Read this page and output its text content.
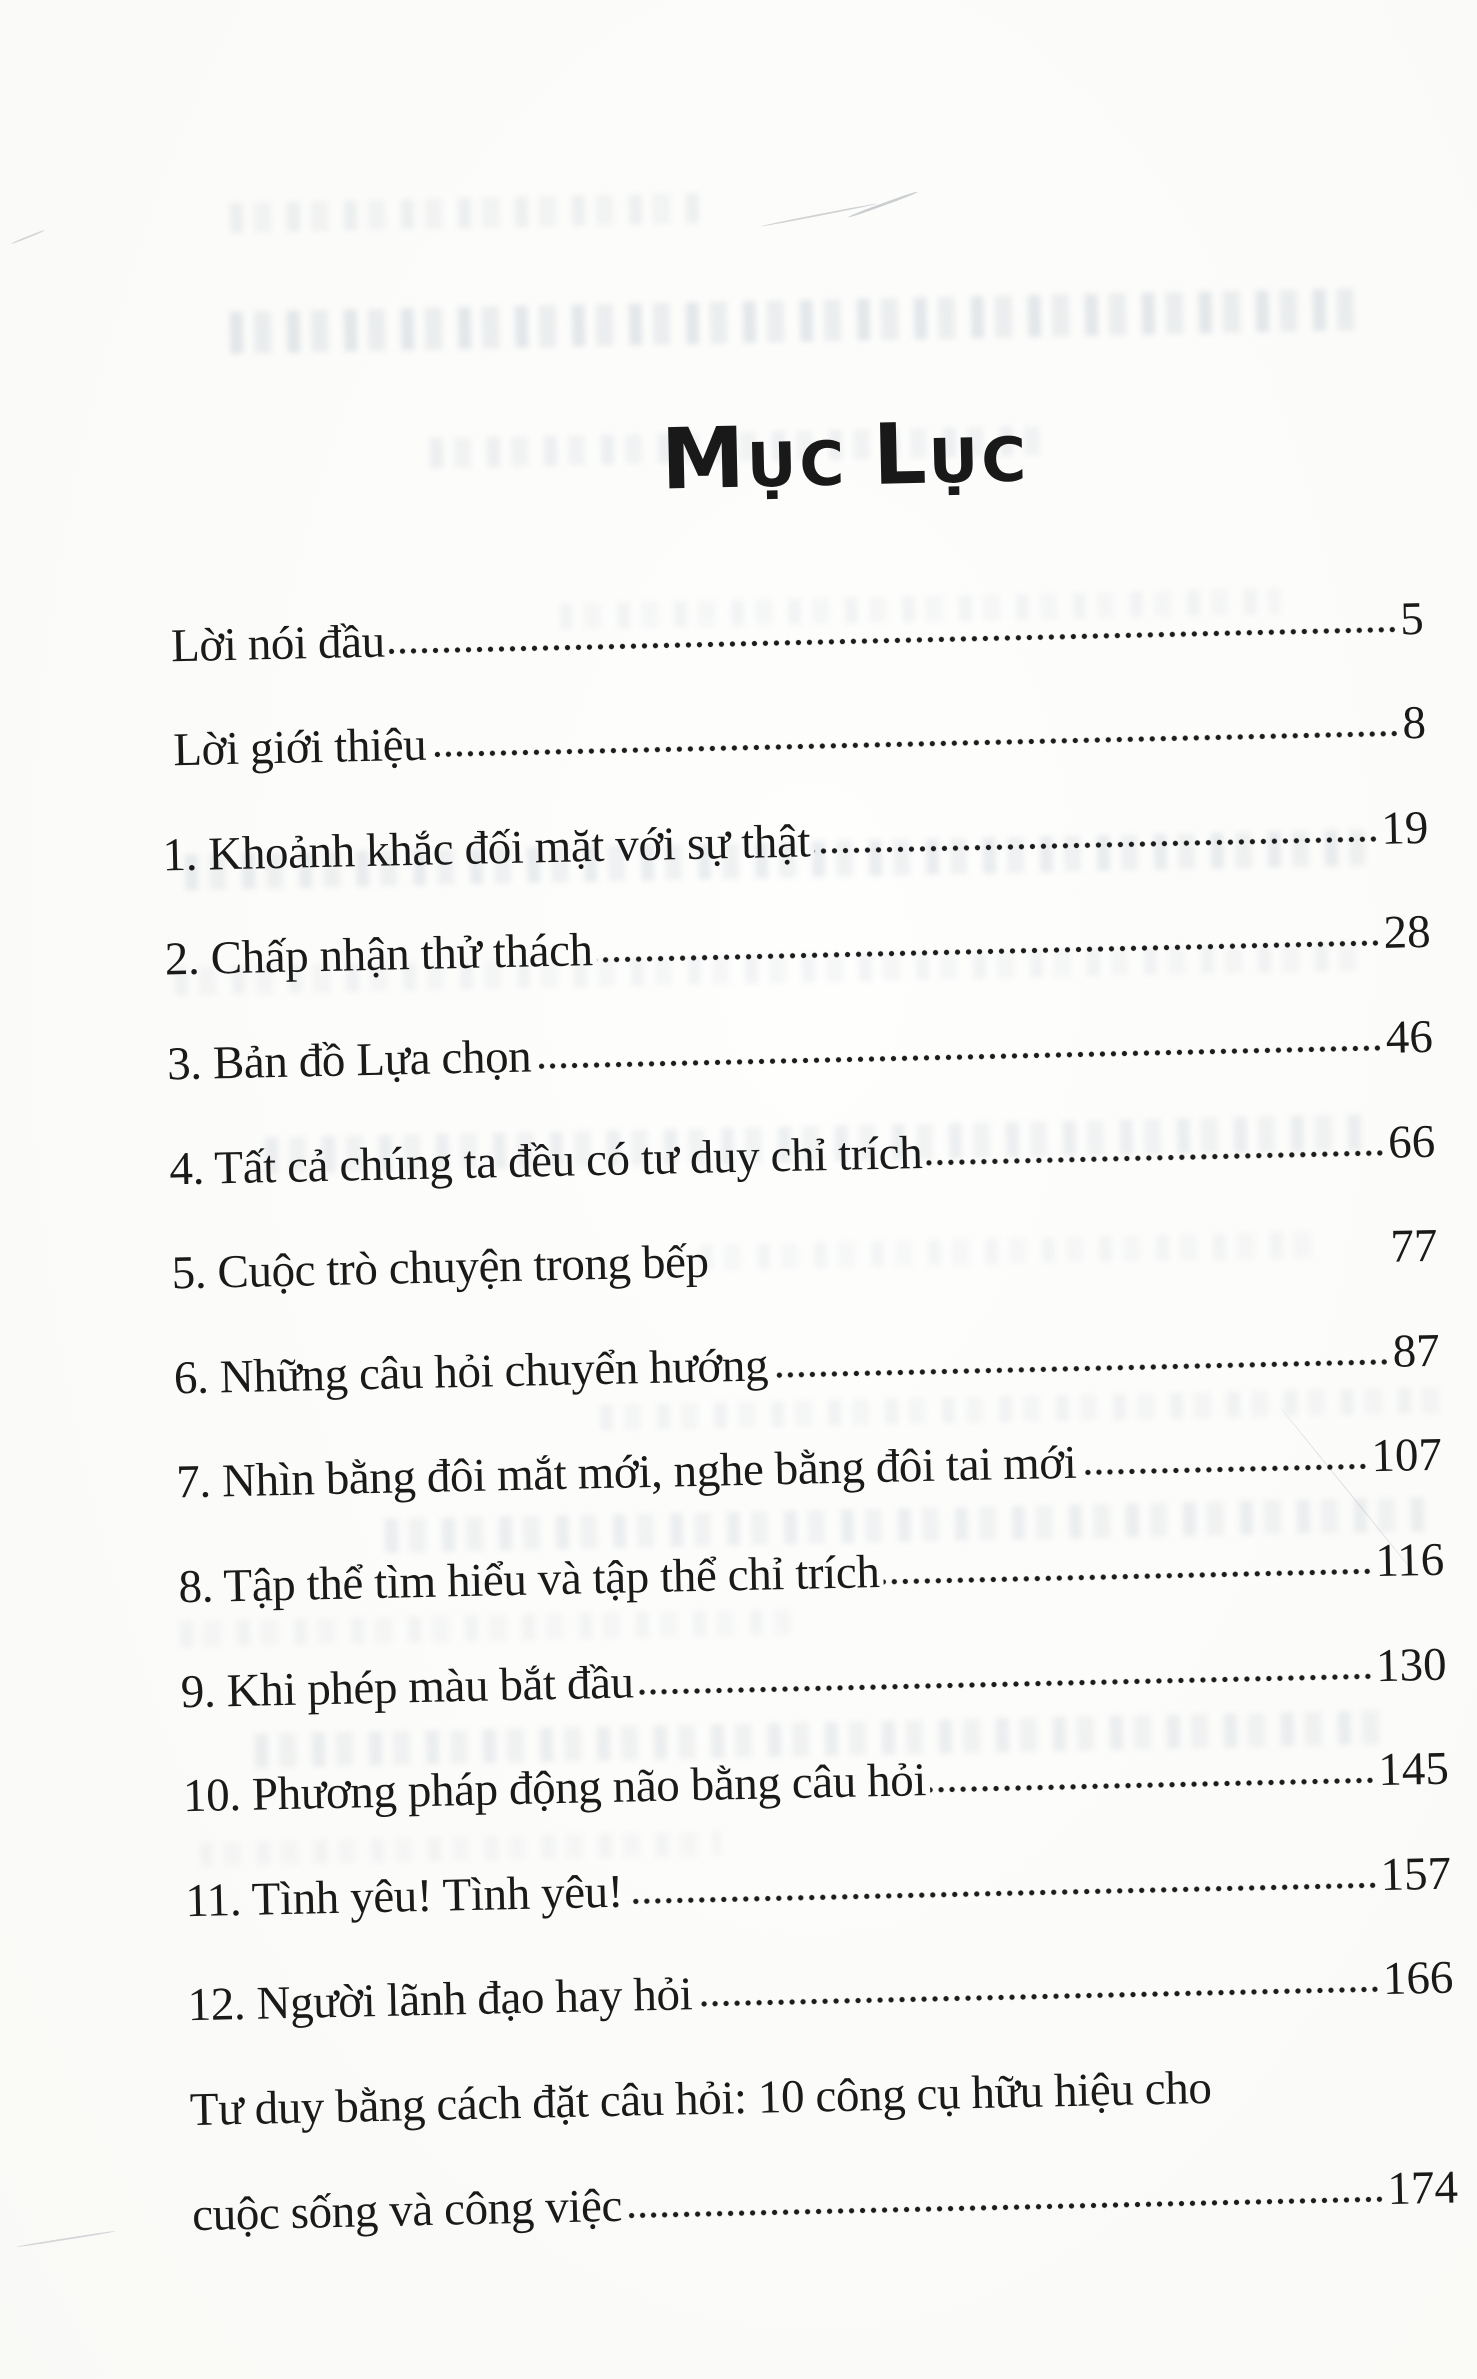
MỤC LỤC
Lời nói đầu	5
Lời giới thiệu	8
1. Khoảnh khắc đối mặt với sự thật	19
2. Chấp nhận thử thách	28
3. Bản đồ Lựa chọn	46
4. Tất cả chúng ta đều có tư duy chỉ trích	66
5. Cuộc trò chuyện trong bếp	77
6. Những câu hỏi chuyển hướng	87
7. Nhìn bằng đôi mắt mới, nghe bằng đôi tai mới	107
8. Tập thể tìm hiểu và tập thể chỉ trích	116
9. Khi phép màu bắt đầu	130
10. Phương pháp động não bằng câu hỏi	145
11. Tình yêu! Tình yêu!	157
12. Người lãnh đạo hay hỏi	166
Tư duy bằng cách đặt câu hỏi: 10 công cụ hữu hiệu cho
cuộc sống và công việc	174
